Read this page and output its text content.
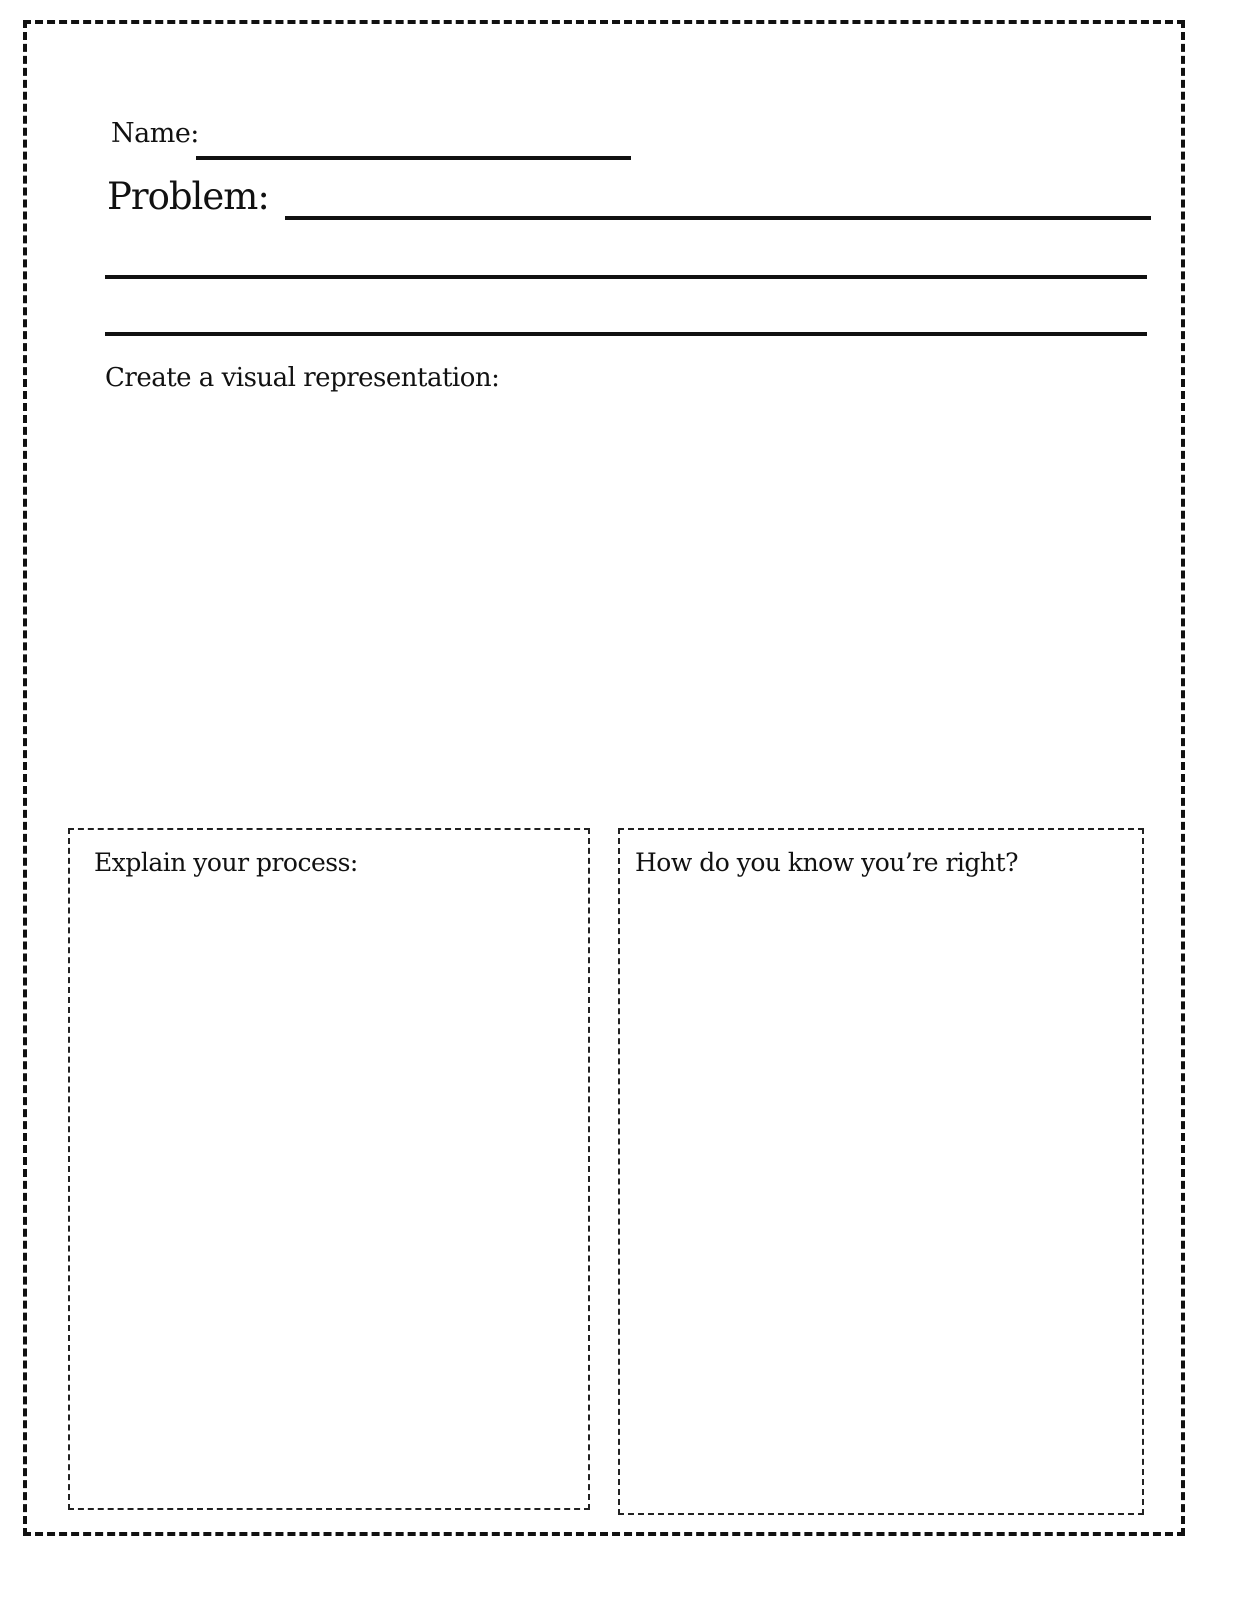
Name:
Problem:
Create a visual representation:
Explain your process:	How do you know you’re right?
